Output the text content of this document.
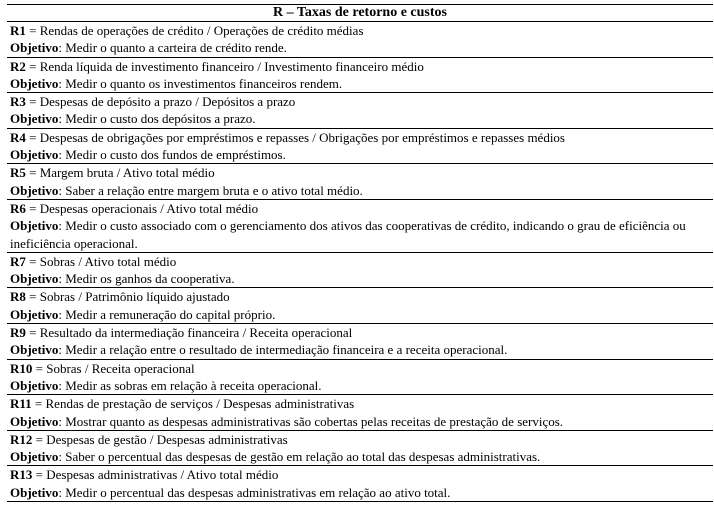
R – Taxas de retorno e custos
R1 = Rendas de operações de crédito / Operações de crédito médias
Objetivo: Medir o quanto a carteira de crédito rende.
R2 = Renda líquida de investimento financeiro / Investimento financeiro médio
Objetivo: Medir o quanto os investimentos financeiros rendem.
R3 = Despesas de depósito a prazo / Depósitos a prazo
Objetivo: Medir o custo dos depósitos a prazo.
R4 = Despesas de obrigações por empréstimos e repasses / Obrigações por empréstimos e repasses médios
Objetivo: Medir o custo dos fundos de empréstimos.
R5 = Margem bruta / Ativo total médio
Objetivo: Saber a relação entre margem bruta e o ativo total médio.
R6 = Despesas operacionais / Ativo total médio
Objetivo: Medir o custo associado com o gerenciamento dos ativos das cooperativas de crédito, indicando o grau de eficiência ou ineficiência operacional.
R7 = Sobras / Ativo total médio
Objetivo: Medir os ganhos da cooperativa.
R8 = Sobras / Patrimônio líquido ajustado
Objetivo: Medir a remuneração do capital próprio.
R9 = Resultado da intermediação financeira / Receita operacional
Objetivo: Medir a relação entre o resultado de intermediação financeira e a receita operacional.
R10 = Sobras / Receita operacional
Objetivo: Medir as sobras em relação à receita operacional.
R11 = Rendas de prestação de serviços / Despesas administrativas
Objetivo: Mostrar quanto as despesas administrativas são cobertas pelas receitas de prestação de serviços.
R12 = Despesas de gestão / Despesas administrativas
Objetivo: Saber o percentual das despesas de gestão em relação ao total das despesas administrativas.
R13 = Despesas administrativas / Ativo total médio
Objetivo: Medir o percentual das despesas administrativas em relação ao ativo total.
